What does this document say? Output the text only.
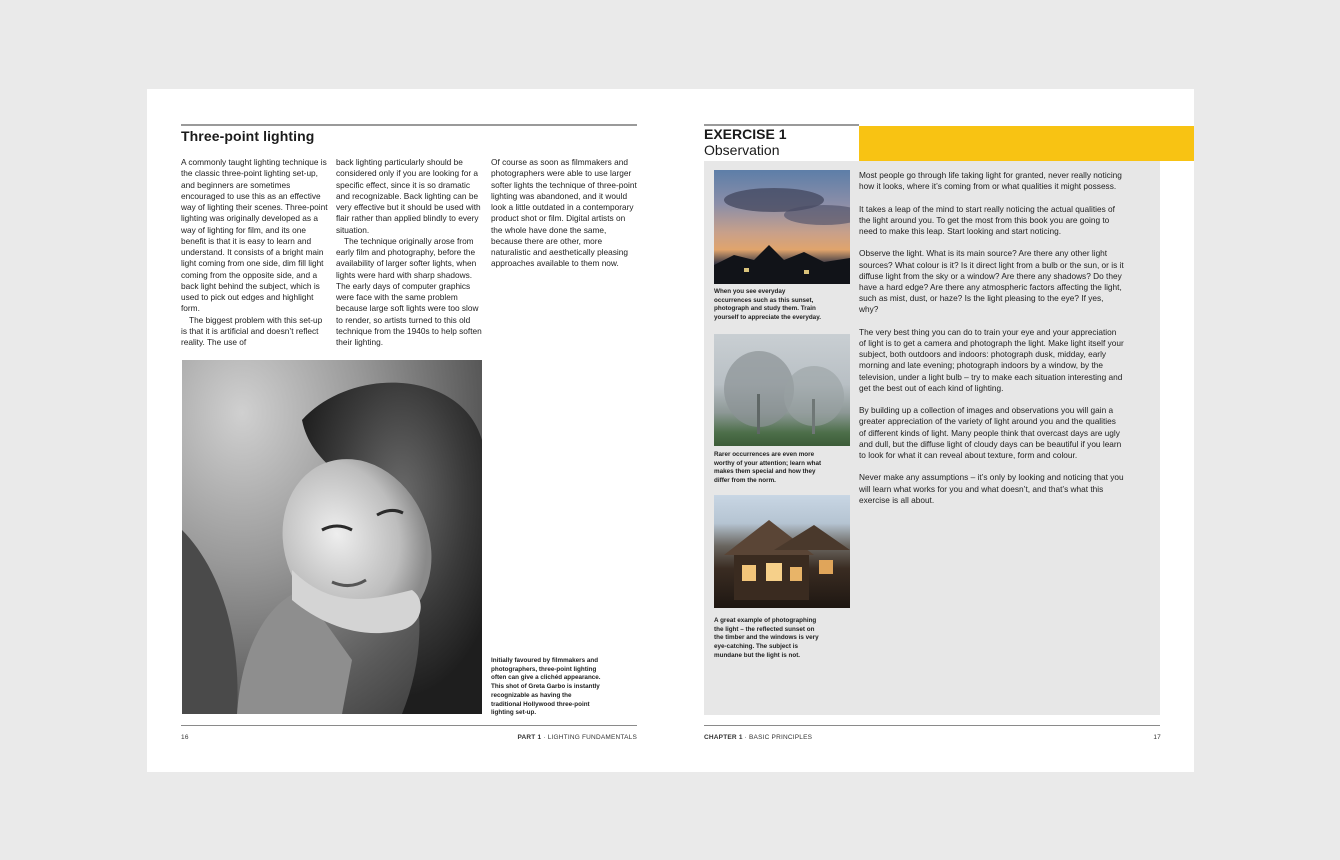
Three-point lighting

A commonly taught lighting technique is the classic three-point lighting set-up, and beginners are sometimes encouraged to use this as an effective way of lighting their scenes. Three-point lighting was originally developed as a way of lighting for film, and its one benefit is that it is easy to learn and understand. It consists of a bright main light coming from one side, dim fill light coming from the opposite side, and a back light behind the subject, which is used to pick out edges and highlight form.

The biggest problem with this set-up is that it is artificial and doesn’t reflect reality. The use of

back lighting particularly should be considered only if you are looking for a specific effect, since it is so dramatic and recognizable. Back lighting can be very effective but it should be used with flair rather than applied blindly to every situation.

The technique originally arose from early film and photography, before the availability of larger softer lights, when lights were hard with sharp shadows. The early days of computer graphics were face with the same problem because large soft lights were too slow to render, so artists turned to this old technique from the 1940s to help soften their lighting.

Of course as soon as filmmakers and photographers were able to use larger softer lights the technique of three-point lighting was abandoned, and it would look a little outdated in a contemporary product shot or film. Digital artists on the whole have done the same, because there are other, more naturalistic and aesthetically pleasing approaches available to them now.

Initially favoured by filmmakers and photographers, three-point lighting often can give a clichéd appearance. This shot of Greta Garbo is instantly recognizable as having the traditional Hollywood three-point lighting set-up.
16	PART 1 · LIGHTING FUNDAMENTALS
EXERCISE 1
Observation
When you see everyday occurrences such as this sunset, photograph and study them. Train yourself to appreciate the everyday.
Rarer occurrences are even more worthy of your attention; learn what makes them special and how they differ from the norm.
A great example of photographing the light – the reflected sunset on the timber and the windows is very eye-catching. The subject is mundane but the light is not.

Most people go through life taking light for granted, never really noticing how it looks, where it’s coming from or what qualities it might possess.

It takes a leap of the mind to start really noticing the actual qualities of the light around you. To get the most from this book you are going to need to make this leap. Start looking and start noticing.

Observe the light. What is its main source? Are there any other light sources? What colour is it? Is it direct light from a bulb or the sun, or is it diffuse light from the sky or a window? Are there any shadows? Do they have a hard edge? Are there any atmospheric factors affecting the light, such as mist, dust, or haze? Is the light pleasing to the eye? If yes, why?

The very best thing you can do to train your eye and your appreciation of light is to get a camera and photograph the light. Make light itself your subject, both outdoors and indoors: photograph dusk, midday, early morning and late evening; photograph indoors by a window, by the television, under a light bulb – try to make each situation interesting and get the best out of each kind of lighting.

By building up a collection of images and observations you will gain a greater appreciation of the variety of light around you and the qualities of different kinds of light. Many people think that overcast days are ugly and dull, but the diffuse light of cloudy days can be beautiful if you learn to look for what it can reveal about texture, form and colour.

Never make any assumptions – it’s only by looking and noticing that you will learn what works for you and what doesn’t, and that’s what this exercise is all about.

CHAPTER 1 · BASIC PRINCIPLES	17
